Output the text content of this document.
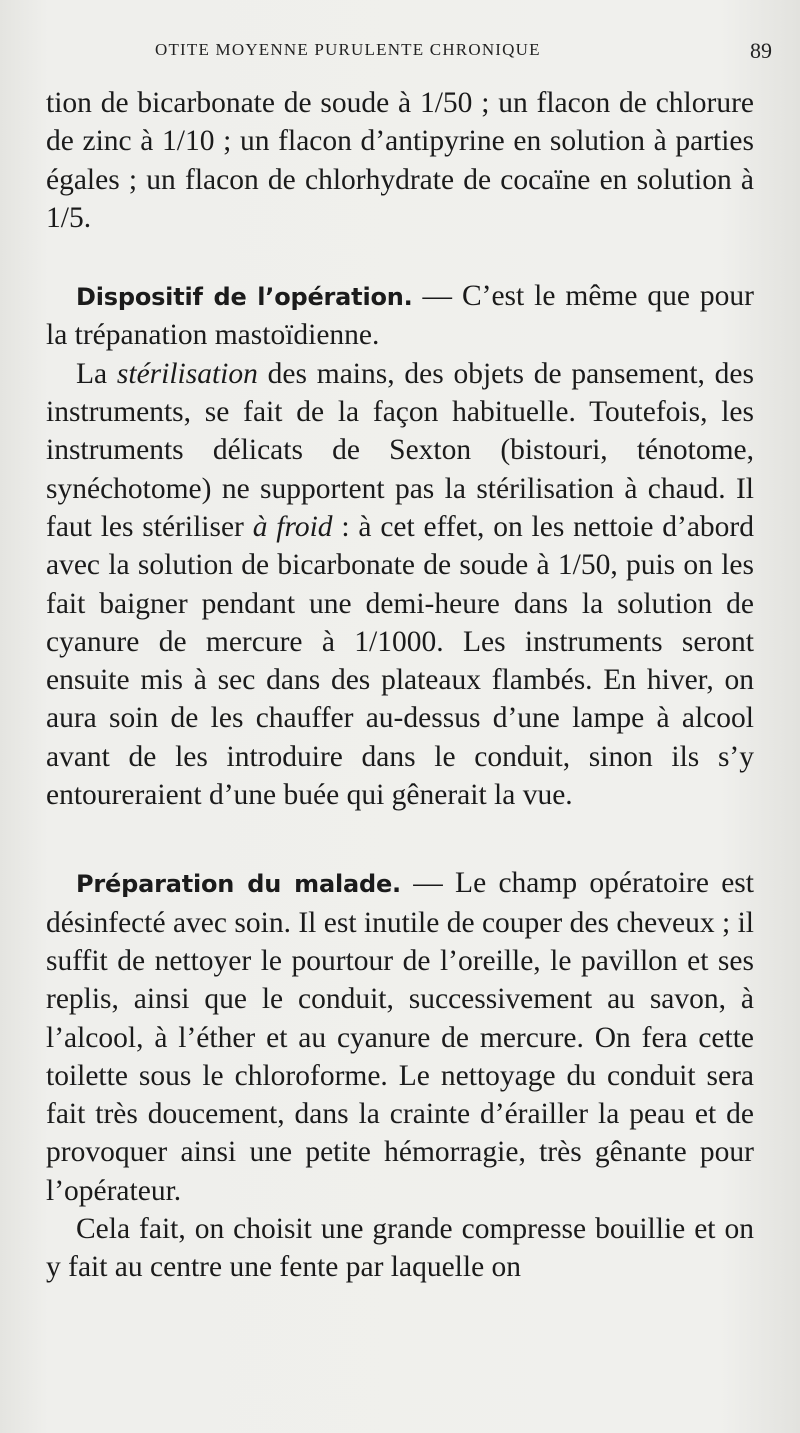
OTITE MOYENNE PURULENTE CHRONIQUE	89

tion de bicarbonate de soude à 1/50 ; un flacon de chlorure de zinc à 1/10 ; un flacon d’antipyrine en solution à parties égales ; un flacon de chlorhydrate de cocaïne en solution à 1/5.

Dispositif de l’opération. — C’est le même que pour la trépanation mastoïdienne.

La stérilisation des mains, des objets de pansement, des instruments, se fait de la façon habituelle. Toutefois, les instruments délicats de Sexton (bistouri, ténotome, synéchotome) ne supportent pas la stérilisation à chaud. Il faut les stériliser à froid : à cet effet, on les nettoie d’abord avec la solution de bicarbonate de soude à 1/50, puis on les fait baigner pendant une demi-heure dans la solution de cyanure de mercure à 1/1000. Les instruments seront ensuite mis à sec dans des plateaux flambés. En hiver, on aura soin de les chauffer au-dessus d’une lampe à alcool avant de les introduire dans le conduit, sinon ils s’y entoureraient d’une buée qui gênerait la vue.

Préparation du malade. — Le champ opératoire est désinfecté avec soin. Il est inutile de couper des cheveux ; il suffit de nettoyer le pourtour de l’oreille, le pavillon et ses replis, ainsi que le conduit, successivement au savon, à l’alcool, à l’éther et au cyanure de mercure. On fera cette toilette sous le chloroforme. Le nettoyage du conduit sera fait très doucement, dans la crainte d’érailler la peau et de provoquer ainsi une petite hémorragie, très gênante pour l’opérateur.

Cela fait, on choisit une grande compresse bouillie et on y fait au centre une fente par laquelle on
